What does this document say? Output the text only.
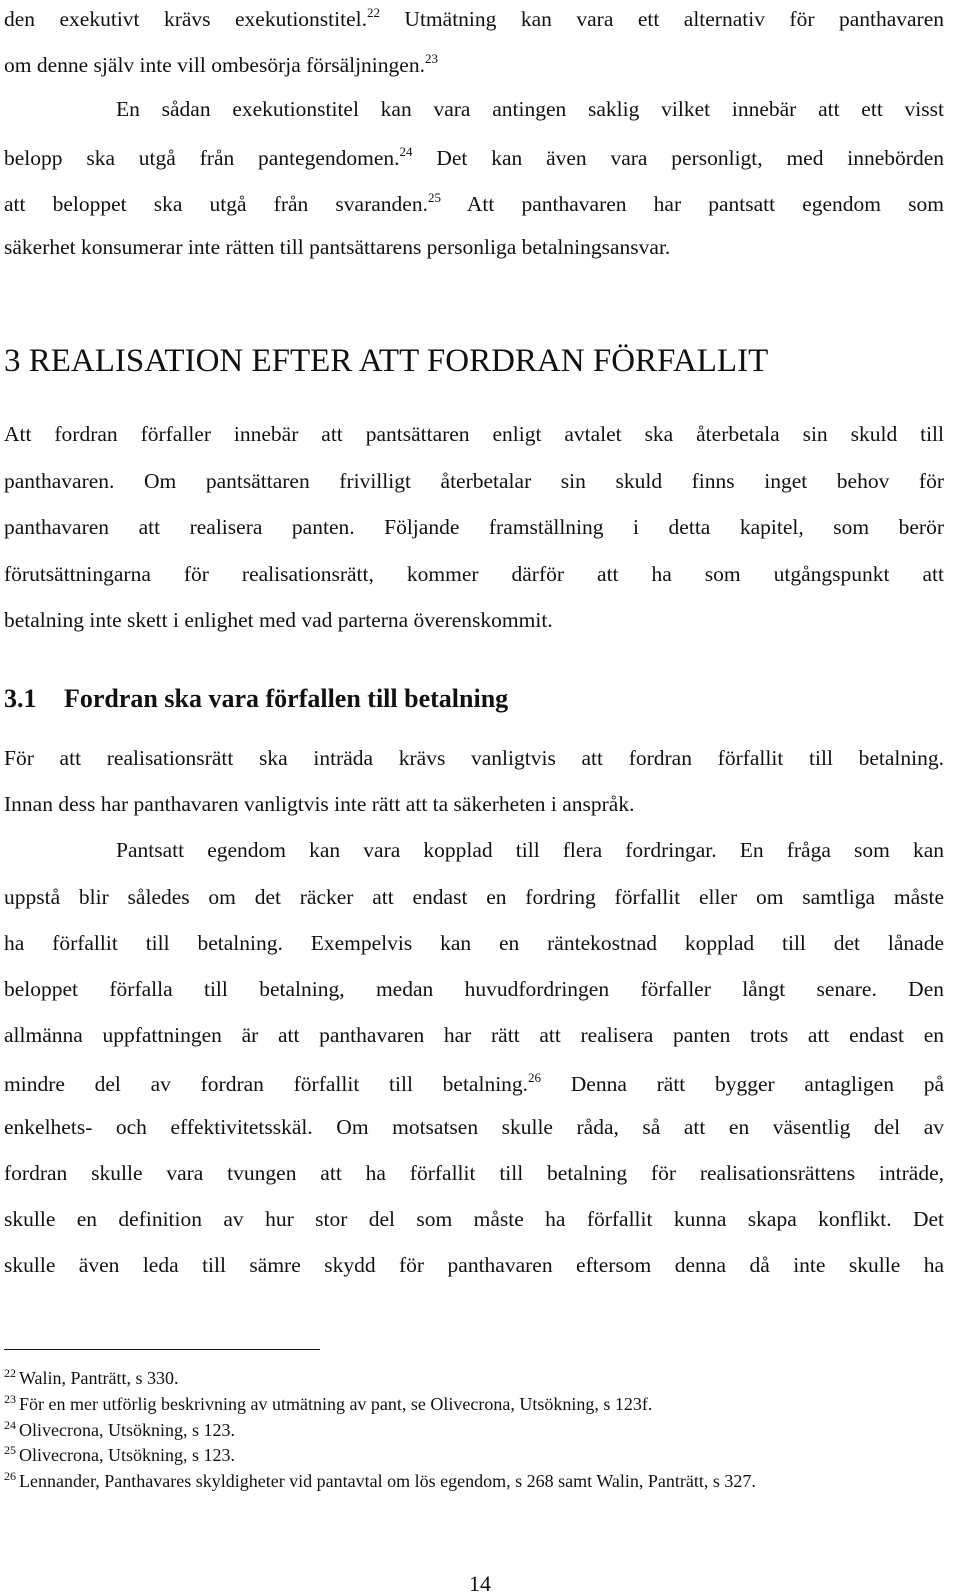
den exekutivt krävs exekutionstitel.$^{22}$ Utmätning kan vara ett alternativ för panthavaren
om denne själv inte vill ombesörja försäljningen.$^{23}$
En sådan exekutionstitel kan vara antingen saklig vilket innebär att ett visst
belopp ska utgå från pantegendomen.$^{24}$ Det kan även vara personligt, med innebörden
att beloppet ska utgå från svaranden.$^{25}$ Att panthavaren har pantsatt egendom som
säkerhet konsumerar inte rätten till pantsättarens personliga betalningsansvar.
3 REALISATION EFTER ATT FORDRAN FÖRFALLIT
Att fordran förfaller innebär att pantsättaren enligt avtalet ska återbetala sin skuld till
panthavaren. Om pantsättaren frivilligt återbetalar sin skuld finns inget behov för
panthavaren att realisera panten. Följande framställning i detta kapitel, som berör
förutsättningarna för realisationsrätt, kommer därför att ha som utgångspunkt att
betalning inte skett i enlighet med vad parterna överenskommit.
3.1 Fordran ska vara förfallen till betalning
För att realisationsrätt ska inträda krävs vanligtvis att fordran förfallit till betalning.
Innan dess har panthavaren vanligtvis inte rätt att ta säkerheten i anspråk.
Pantsatt egendom kan vara kopplad till flera fordringar. En fråga som kan
uppstå blir således om det räcker att endast en fordring förfallit eller om samtliga måste
ha förfallit till betalning. Exempelvis kan en räntekostnad kopplad till det lånade
beloppet förfalla till betalning, medan huvudfordringen förfaller långt senare. Den
allmänna uppfattningen är att panthavaren har rätt att realisera panten trots att endast en
mindre del av fordran förfallit till betalning.$^{26}$ Denna rätt bygger antagligen på
enkelhets- och effektivitetsskäl. Om motsatsen skulle råda, så att en väsentlig del av
fordran skulle vara tvungen att ha förfallit till betalning för realisationsrättens inträde,
skulle en definition av hur stor del som måste ha förfallit kunna skapa konflikt. Det
skulle även leda till sämre skydd för panthavaren eftersom denna då inte skulle ha
$^{22}$ Walin, Panträtt, s 330.
$^{23}$ För en mer utförlig beskrivning av utmätning av pant, se Olivecrona, Utsökning, s 123f.
$^{24}$ Olivecrona, Utsökning, s 123.
$^{25}$ Olivecrona, Utsökning, s 123.
$^{26}$ Lennander, Panthavares skyldigheter vid pantavtal om lös egendom, s 268 samt Walin, Panträtt, s 327.
14
